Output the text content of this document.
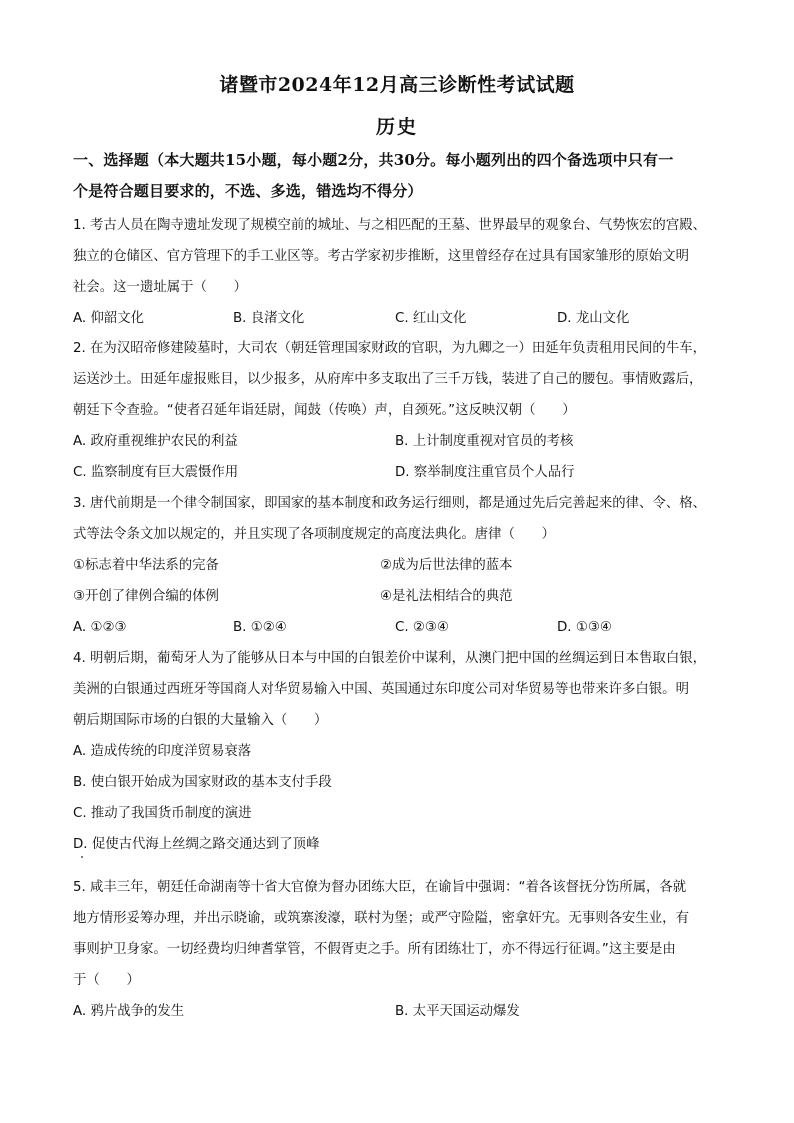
诸暨市2024年12月高三诊断性考试试题
历史
一、选择题（本大题共15小题，每小题2分，共30分。每小题列出的四个备选项中只有一
个是符合题目要求的，不选、多选，错选均不得分）
1. 考古人员在陶寺遗址发现了规模空前的城址、与之相匹配的王墓、世界最早的观象台、气势恢宏的宫殿、
独立的仓储区、官方管理下的手工业区等。考古学家初步推断，这里曾经存在过具有国家雏形的原始文明
社会。这一遗址属于（　　）
A. 仰韶文化	B. 良渚文化	C. 红山文化	D. 龙山文化
2. 在为汉昭帝修建陵墓时，大司农（朝廷管理国家财政的官职，为九卿之一）田延年负责租用民间的牛车，
运送沙土。田延年虚报账目，以少报多，从府库中多支取出了三千万钱，装进了自己的腰包。事情败露后，
朝廷下令查验。“使者召延年诣廷尉，闻鼓（传唤）声，自颈死。”这反映汉朝（　　）
A. 政府重视维护农民的利益	B. 上计制度重视对官员的考核
C. 监察制度有巨大震慑作用	D. 察举制度注重官员个人品行
3. 唐代前期是一个律令制国家，即国家的基本制度和政务运行细则，都是通过先后完善起来的律、令、格、
式等法令条文加以规定的，并且实现了各项制度规定的高度法典化。唐律（　　）
①标志着中华法系的完备	②成为后世法律的蓝本
③开创了律例合编的体例	④是礼法相结合的典范
A. ①②③	B. ①②④	C. ②③④	D. ①③④
4. 明朝后期，葡萄牙人为了能够从日本与中国的白银差价中谋利，从澳门把中国的丝绸运到日本售取白银，
美洲的白银通过西班牙等国商人对华贸易输入中国、英国通过东印度公司对华贸易等也带来许多白银。明
朝后期国际市场的白银的大量输入（　　）
A. 造成传统的印度洋贸易衰落
B. 使白银开始成为国家财政的基本支付手段
C. 推动了我国货币制度的演进
D. 促使古代海上丝绸之路交通达到了顶峰
5. 咸丰三年，朝廷任命湖南等十省大官僚为督办团练大臣，在谕旨中强调：“着各该督抚分饬所属，各就
地方情形妥筹办理，并出示晓谕，或筑寨浚濠，联村为堡；或严守险隘，密拿奸宄。无事则各安生业，有
事则护卫身家。一切经费均归绅耆掌管，不假胥吏之手。所有团练壮丁，亦不得远行征调。”这主要是由
于（　　）
A. 鸦片战争的发生	B. 太平天国运动爆发
